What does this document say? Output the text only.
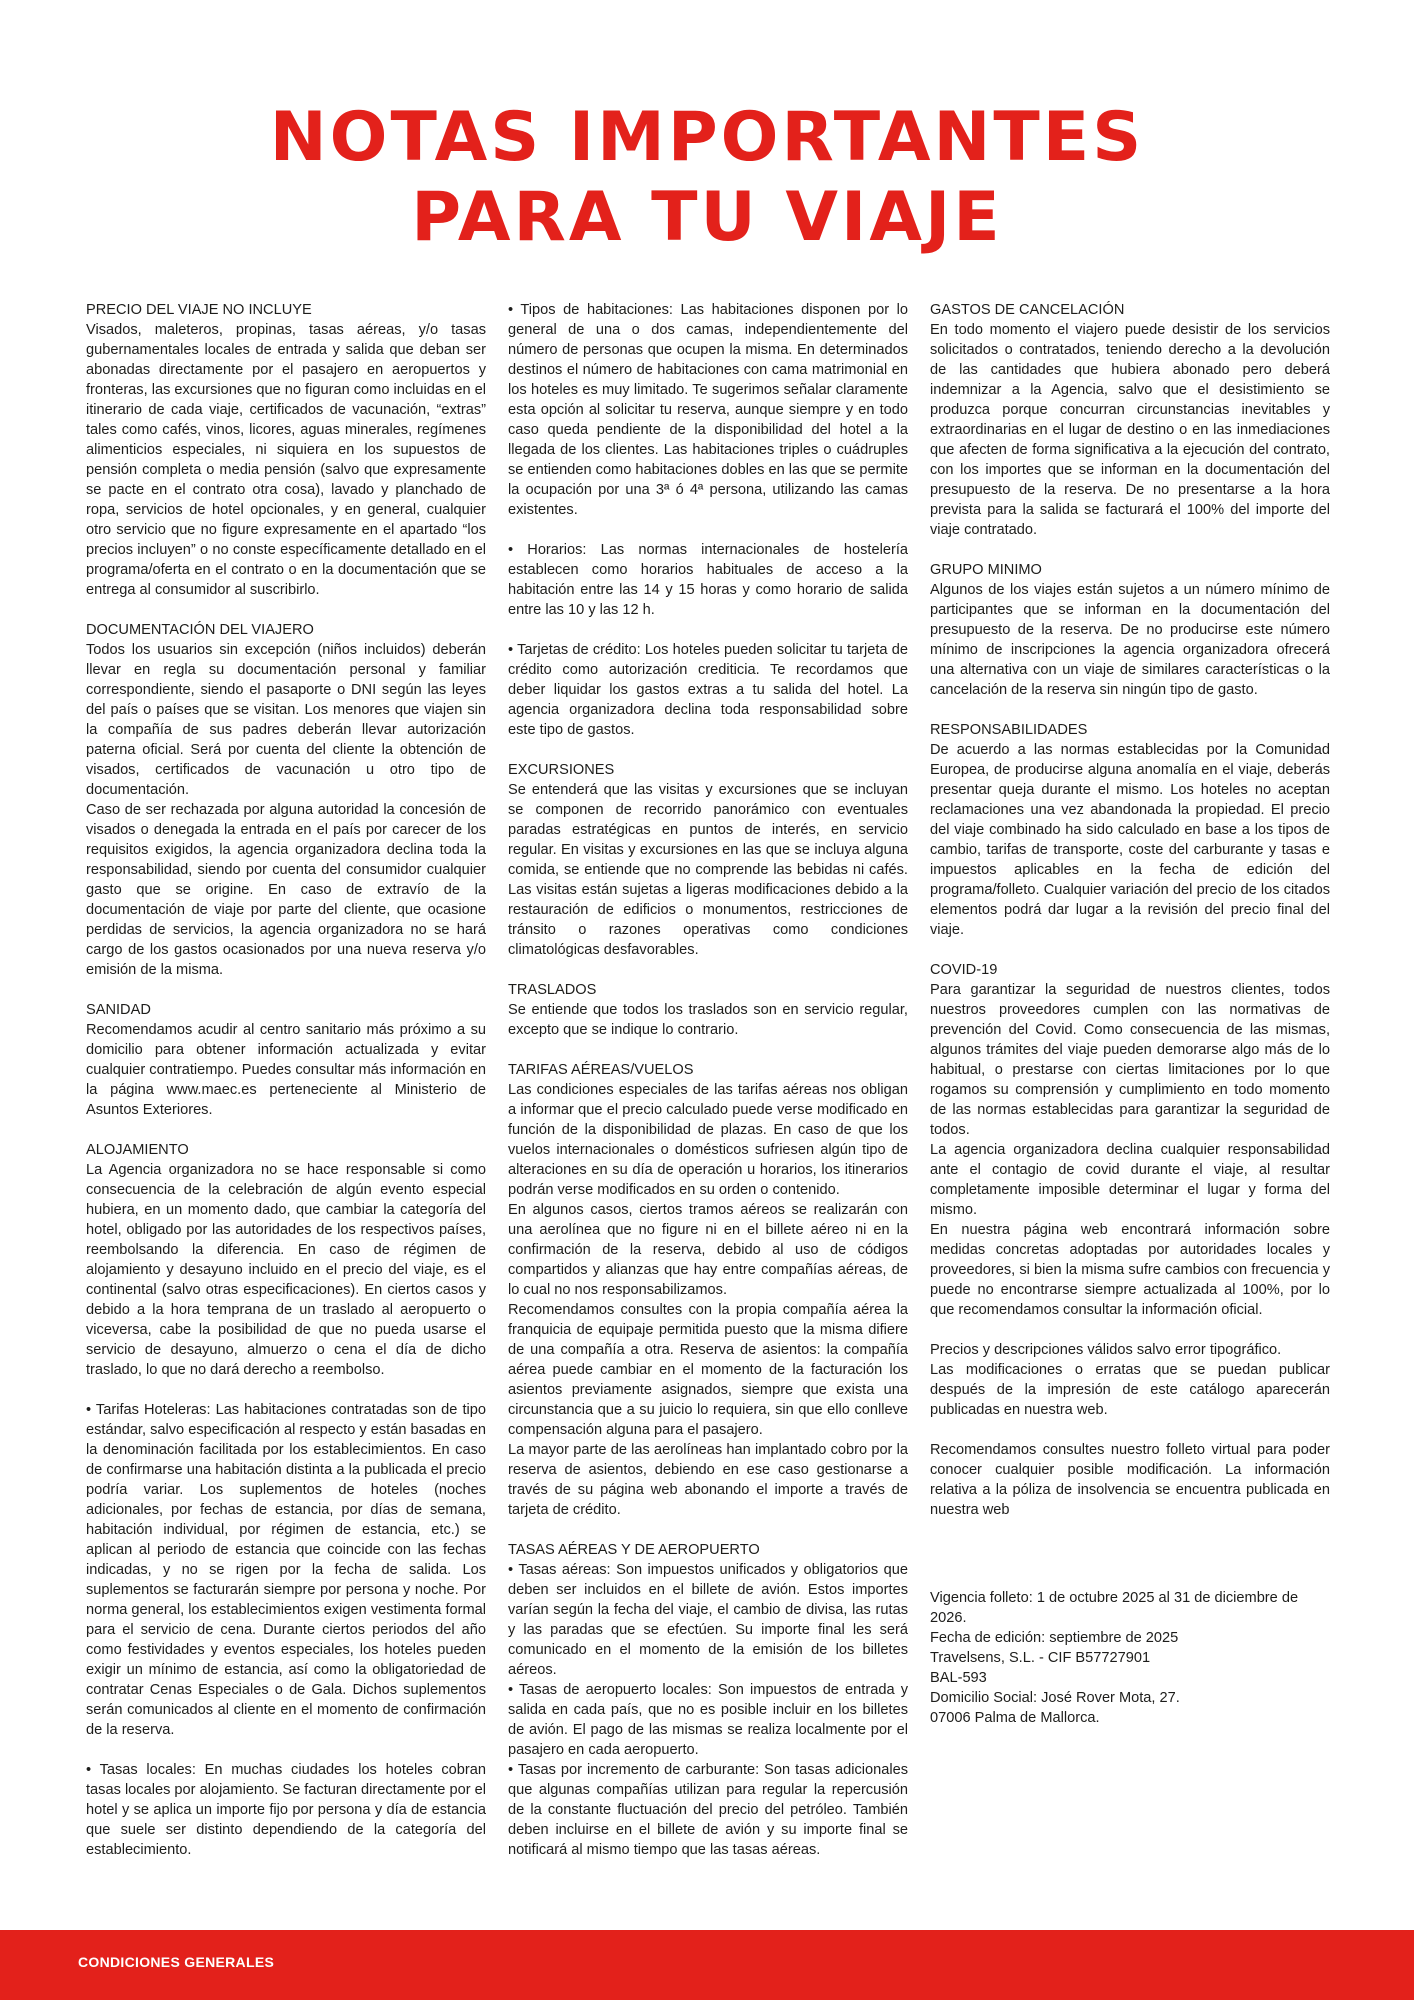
NOTAS IMPORTANTES
PARA TU VIAJE
PRECIO DEL VIAJE NO INCLUYE

Visados, maleteros, propinas, tasas aéreas, y/o tasas gubernamentales locales de entrada y salida que deban ser abonadas directamente por el pasajero en aeropuertos y fronteras, las excursiones que no figuran como incluidas en el itinerario de cada viaje, certificados de vacunación, “extras” tales como cafés, vinos, licores, aguas minerales, regímenes alimenticios especiales, ni siquiera en los supuestos de pensión completa o media pensión (salvo que expresamente se pacte en el contrato otra cosa), lavado y planchado de ropa, servicios de hotel opcionales, y en general, cualquier otro servicio que no figure expresamente en el apartado “los precios incluyen” o no conste específicamente detallado en el programa/oferta en el contrato o en la documentación que se entrega al consumidor al suscribirlo.

DOCUMENTACIÓN DEL VIAJERO

Todos los usuarios sin excepción (niños incluidos) deberán llevar en regla su documentación personal y familiar correspondiente, siendo el pasaporte o DNI según las leyes del país o países que se visitan. Los menores que viajen sin la compañía de sus padres deberán llevar autorización paterna oficial. Será por cuenta del cliente la obtención de visados, certificados de vacunación u otro tipo de documentación.

Caso de ser rechazada por alguna autoridad la concesión de visados o denegada la entrada en el país por carecer de los requisitos exigidos, la agencia organizadora declina toda la responsabilidad, siendo por cuenta del consumidor cualquier gasto que se origine. En caso de extravío de la documentación de viaje por parte del cliente, que ocasione perdidas de servicios, la agencia organizadora no se hará cargo de los gastos ocasionados por una nueva reserva y/o emisión de la misma.

SANIDAD

Recomendamos acudir al centro sanitario más próximo a su domicilio para obtener información actualizada y evitar cualquier contratiempo. Puedes consultar más información en la página www.maec.es perteneciente al Ministerio de Asuntos Exteriores.

ALOJAMIENTO

La Agencia organizadora no se hace responsable si como consecuencia de la celebración de algún evento especial hubiera, en un momento dado, que cambiar la categoría del hotel, obligado por las autoridades de los respectivos países, reembolsando la diferencia. En caso de régimen de alojamiento y desayuno incluido en el precio del viaje, es el continental (salvo otras especificaciones). En ciertos casos y debido a la hora temprana de un traslado al aeropuerto o viceversa, cabe la posibilidad de que no pueda usarse el servicio de desayuno, almuerzo o cena el día de dicho traslado, lo que no dará derecho a reembolso.

• Tarifas Hoteleras: Las habitaciones contratadas son de tipo estándar, salvo especificación al respecto y están basadas en la denominación facilitada por los establecimientos. En caso de confirmarse una habitación distinta a la publicada el precio podría variar. Los suplementos de hoteles (noches adicionales, por fechas de estancia, por días de semana, habitación individual, por régimen de estancia, etc.) se aplican al periodo de estancia que coincide con las fechas indicadas, y no se rigen por la fecha de salida. Los suplementos se facturarán siempre por persona y noche. Por norma general, los establecimientos exigen vestimenta formal para el servicio de cena. Durante ciertos periodos del año como festividades y eventos especiales, los hoteles pueden exigir un mínimo de estancia, así como la obligatoriedad de contratar Cenas Especiales o de Gala. Dichos suplementos serán comunicados al cliente en el momento de confirmación de la reserva.

• Tasas locales: En muchas ciudades los hoteles cobran tasas locales por alojamiento. Se facturan directamente por el hotel y se aplica un importe fijo por persona y día de estancia que suele ser distinto dependiendo de la categoría del establecimiento.

• Tipos de habitaciones: Las habitaciones disponen por lo general de una o dos camas, independientemente del número de personas que ocupen la misma. En determinados destinos el número de habitaciones con cama matrimonial en los hoteles es muy limitado. Te sugerimos señalar claramente esta opción al solicitar tu reserva, aunque siempre y en todo caso queda pendiente de la disponibilidad del hotel a la llegada de los clientes. Las habitaciones triples o cuádruples se entienden como habitaciones dobles en las que se permite la ocupación por una 3ª ó 4ª persona, utilizando las camas existentes.

• Horarios: Las normas internacionales de hostelería establecen como horarios habituales de acceso a la habitación entre las 14 y 15 horas y como horario de salida entre las 10 y las 12 h.

• Tarjetas de crédito: Los hoteles pueden solicitar tu tarjeta de crédito como autorización crediticia. Te recordamos que deber liquidar los gastos extras a tu salida del hotel. La agencia organizadora declina toda responsabilidad sobre este tipo de gastos.

EXCURSIONES

Se entenderá que las visitas y excursiones que se incluyan se componen de recorrido panorámico con eventuales paradas estratégicas en puntos de interés, en servicio regular. En visitas y excursiones en las que se incluya alguna comida, se entiende que no comprende las bebidas ni cafés. Las visitas están sujetas a ligeras modificaciones debido a la restauración de edificios o monumentos, restricciones de tránsito o razones operativas como condiciones climatológicas desfavorables.

TRASLADOS

Se entiende que todos los traslados son en servicio regular, excepto que se indique lo contrario.

TARIFAS AÉREAS/VUELOS

Las condiciones especiales de las tarifas aéreas nos obligan a informar que el precio calculado puede verse modificado en función de la disponibilidad de plazas. En caso de que los vuelos internacionales o domésticos sufriesen algún tipo de alteraciones en su día de operación u horarios, los itinerarios podrán verse modificados en su orden o contenido.

En algunos casos, ciertos tramos aéreos se realizarán con una aerolínea que no figure ni en el billete aéreo ni en la confirmación de la reserva, debido al uso de códigos compartidos y alianzas que hay entre compañías aéreas, de lo cual no nos responsabilizamos.

Recomendamos consultes con la propia compañía aérea la franquicia de equipaje permitida puesto que la misma difiere de una compañía a otra. Reserva de asientos: la compañía aérea puede cambiar en el momento de la facturación los asientos previamente asignados, siempre que exista una circunstancia que a su juicio lo requiera, sin que ello conlleve compensación alguna para el pasajero.

La mayor parte de las aerolíneas han implantado cobro por la reserva de asientos, debiendo en ese caso gestionarse a través de su página web abonando el importe a través de tarjeta de crédito.

TASAS AÉREAS Y DE AEROPUERTO

• Tasas aéreas: Son impuestos unificados y obligatorios que deben ser incluidos en el billete de avión. Estos importes varían según la fecha del viaje, el cambio de divisa, las rutas y las paradas que se efectúen. Su importe final les será comunicado en el momento de la emisión de los billetes aéreos.

• Tasas de aeropuerto locales: Son impuestos de entrada y salida en cada país, que no es posible incluir en los billetes de avión. El pago de las mismas se realiza localmente por el pasajero en cada aeropuerto.

• Tasas por incremento de carburante: Son tasas adicionales que algunas compañías utilizan para regular la repercusión de la constante fluctuación del precio del petróleo. También deben incluirse en el billete de avión y su importe final se notificará al mismo tiempo que las tasas aéreas.

GASTOS DE CANCELACIÓN

En todo momento el viajero puede desistir de los servicios solicitados o contratados, teniendo derecho a la devolución de las cantidades que hubiera abonado pero deberá indemnizar a la Agencia, salvo que el desistimiento se produzca porque concurran circunstancias inevitables y extraordinarias en el lugar de destino o en las inmediaciones que afecten de forma significativa a la ejecución del contrato, con los importes que se informan en la documentación del presupuesto de la reserva. De no presentarse a la hora prevista para la salida se facturará el 100% del importe del viaje contratado.

GRUPO MINIMO

Algunos de los viajes están sujetos a un número mínimo de participantes que se informan en la documentación del presupuesto de la reserva. De no producirse este número mínimo de inscripciones la agencia organizadora ofrecerá una alternativa con un viaje de similares características o la cancelación de la reserva sin ningún tipo de gasto.

RESPONSABILIDADES

De acuerdo a las normas establecidas por la Comunidad Europea, de producirse alguna anomalía en el viaje, deberás presentar queja durante el mismo. Los hoteles no aceptan reclamaciones una vez abandonada la propiedad. El precio del viaje combinado ha sido calculado en base a los tipos de cambio, tarifas de transporte, coste del carburante y tasas e impuestos aplicables en la fecha de edición del programa/folleto. Cualquier variación del precio de los citados elementos podrá dar lugar a la revisión del precio final del viaje.

COVID-19

Para garantizar la seguridad de nuestros clientes, todos nuestros proveedores cumplen con las normativas de prevención del Covid. Como consecuencia de las mismas, algunos trámites del viaje pueden demorarse algo más de lo habitual, o prestarse con ciertas limitaciones por lo que rogamos su comprensión y cumplimiento en todo momento de las normas establecidas para garantizar la seguridad de todos.

La agencia organizadora declina cualquier responsabilidad ante el contagio de covid durante el viaje, al resultar completamente imposible determinar el lugar y forma del mismo.

En nuestra página web encontrará información sobre medidas concretas adoptadas por autoridades locales y proveedores, si bien la misma sufre cambios con frecuencia y puede no encontrarse siempre actualizada al 100%, por lo que recomendamos consultar la información oficial.

Precios y descripciones válidos salvo error tipográfico.

Las modificaciones o erratas que se puedan publicar después de la impresión de este catálogo aparecerán publicadas en nuestra web.

Recomendamos consultes nuestro folleto virtual para poder conocer cualquier posible modificación. La información relativa a la póliza de insolvencia se encuentra publicada en nuestra web

Vigencia folleto: 1 de octubre 2025 al 31 de diciembre de 2026.

Fecha de edición: septiembre de 2025

Travelsens, S.L. - CIF B57727901

BAL-593

Domicilio Social: José Rover Mota, 27.

07006 Palma de Mallorca.

CONDICIONES GENERALES
